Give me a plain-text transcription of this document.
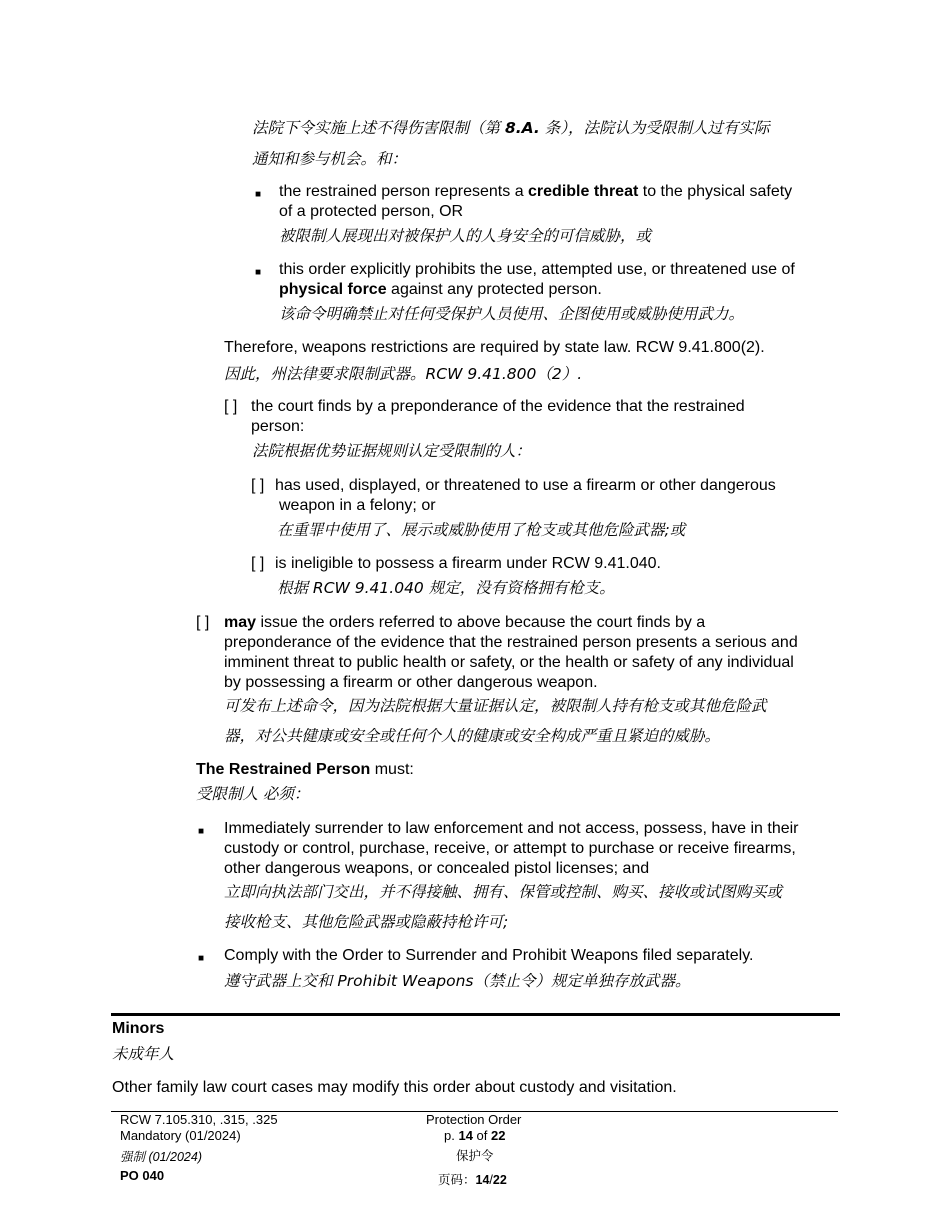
法院下令实施上述不得伤害限制（第 8.A. 条），法院认为受限制人过有实际
通知和参与机会。和：
■ the restrained person represents a credible threat to the physical safety
of a protected person, OR
被限制人展现出对被保护人的人身安全的可信威胁，或
■ this order explicitly prohibits the use, attempted use, or threatened use of
physical force against any protected person.
该命令明确禁止对任何受保护人员使用、企图使用或威胁使用武力。
Therefore, weapons restrictions are required by state law. RCW 9.41.800(2).
因此，州法律要求限制武器。RCW 9.41.800（2）.
[ ] the court finds by a preponderance of the evidence that the restrained
person:
法院根据优势证据规则认定受限制的人：
[ ] has used, displayed, or threatened to use a firearm or other dangerous
weapon in a felony; or
在重罪中使用了、展示或威胁使用了枪支或其他危险武器;或
[ ] is ineligible to possess a firearm under RCW 9.41.040.
根据 RCW 9.41.040 规定，没有资格拥有枪支。
[ ] may issue the orders referred to above because the court finds by a
preponderance of the evidence that the restrained person presents a serious and
imminent threat to public health or safety, or the health or safety of any individual
by possessing a firearm or other dangerous weapon.
可发布上述命令，因为法院根据大量证据认定，被限制人持有枪支或其他危险武
器，对公共健康或安全或任何个人的健康或安全构成严重且紧迫的威胁。
The Restrained Person must:
受限制人 必须：
■ Immediately surrender to law enforcement and not access, possess, have in their
custody or control, purchase, receive, or attempt to purchase or receive firearms,
other dangerous weapons, or concealed pistol licenses; and
立即向执法部门交出，并不得接触、拥有、保管或控制、购买、接收或试图购买或
接收枪支、其他危险武器或隐蔽持枪许可;
■ Comply with the Order to Surrender and Prohibit Weapons filed separately.
遵守武器上交和 Prohibit Weapons（禁止令）规定单独存放武器。
Minors
未成年人
Other family law court cases may modify this order about custody and visitation.
RCW 7.105.310, .315, .325
Mandatory (01/2024)
强制 (01/2024)
PO 040
Protection Order
p. 14 of 22
保护令
页码：14/22
